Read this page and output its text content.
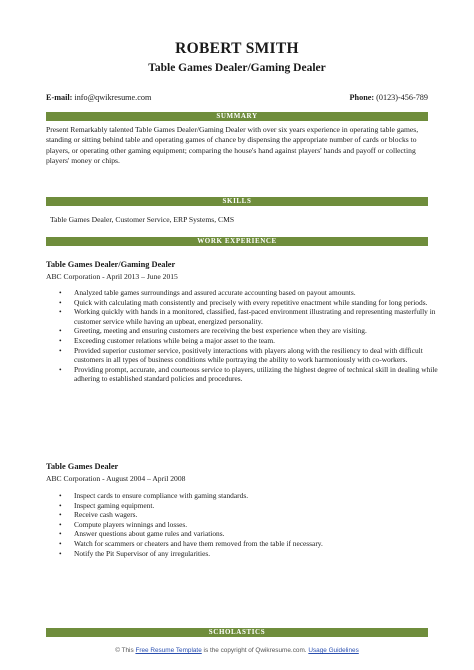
ROBERT SMITH
Table Games Dealer/Gaming Dealer
E-mail: info@qwikresume.com	Phone: (0123)-456-789
SUMMARY
Present Remarkably talented Table Games Dealer/Gaming Dealer with over six years experience in operating table games, standing or sitting behind table and operating games of chance by dispensing the appropriate number of cards or blocks to players, or operating other gaming equipment; comparing the house's hand against players' hands and payoff or collecting players' money or chips.
SKILLS
Table Games Dealer, Customer Service, ERP Systems, CMS
WORK EXPERIENCE
Table Games Dealer/Gaming Dealer
ABC Corporation - April 2013 – June 2015
• Analyzed table games surroundings and assured accurate accounting based on payout amounts.
• Quick with calculating math consistently and precisely with every repetitive enactment while standing for long periods.
• Working quickly with hands in a monitored, classified, fast-paced environment illustrating and representing masterfully in customer service while having an upbeat, energized personality.
• Greeting, meeting and ensuring customers are receiving the best experience when they are visiting.
• Exceeding customer relations while being a major asset to the team.
• Provided superior customer service, positively interactions with players along with the resiliency to deal with difficult customers in all types of business conditions while portraying the ability to work harmoniously with co-workers.
• Providing prompt, accurate, and courteous service to players, utilizing the highest degree of technical skill in dealing while adhering to established standard policies and procedures.
Table Games Dealer
ABC Corporation - August 2004 – April 2008
• Inspect cards to ensure compliance with gaming standards.
• Inspect gaming equipment.
• Receive cash wagers.
• Compute players winnings and losses.
• Answer questions about game rules and variations.
• Watch for scammers or cheaters and have them removed from the table if necessary.
• Notify the Pit Supervisor of any irregularities.
SCHOLASTICS
© This Free Resume Template is the copyright of Qwikresume.com. Usage Guidelines
